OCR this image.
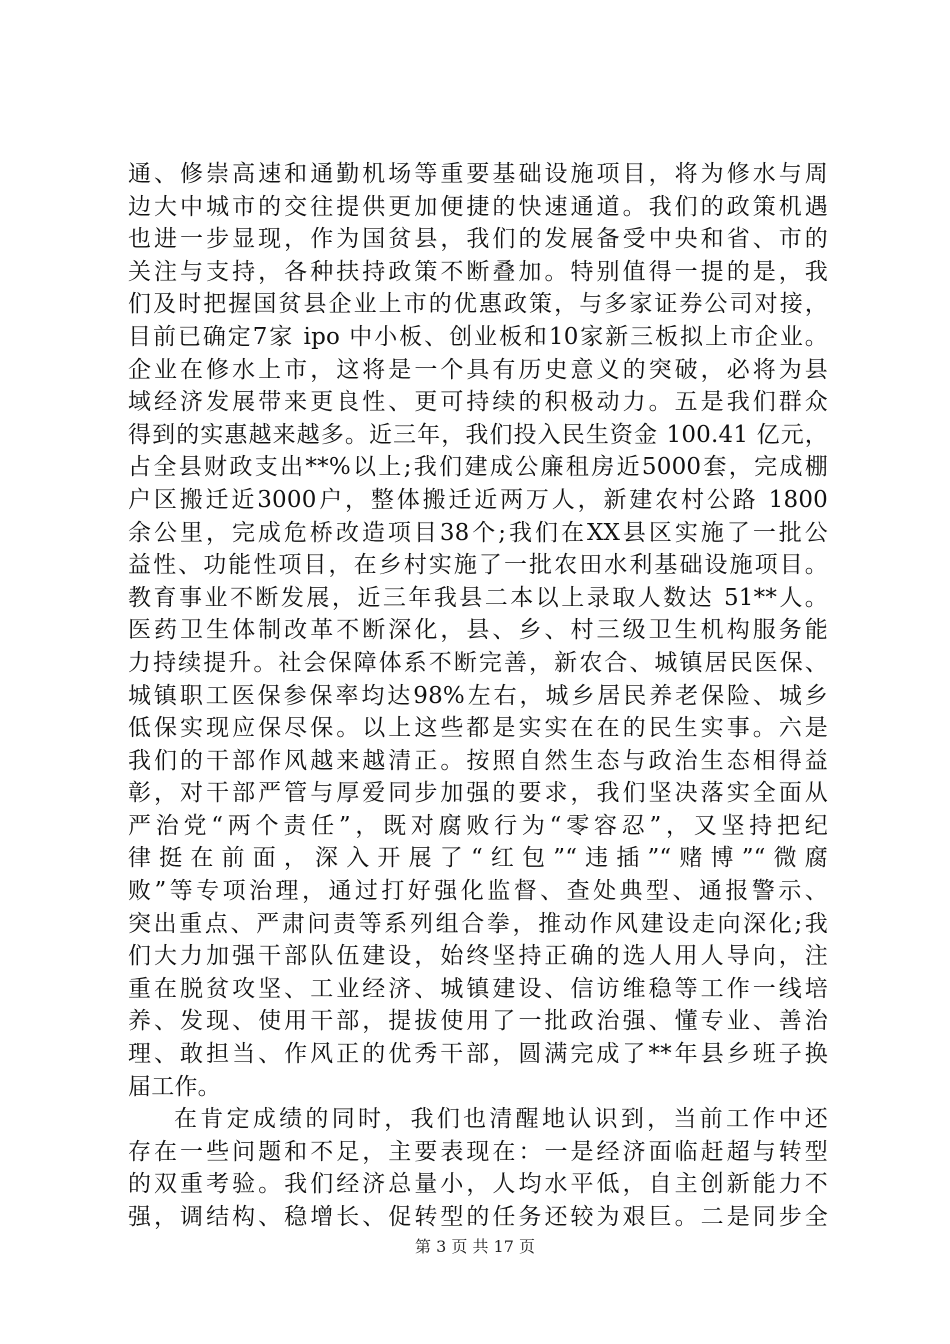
通、修崇高速和通勤机场等重要基础设施项目，将为修水与周
边大中城市的交往提供更加便捷的快速通道。我们的政策机遇
也进一步显现，作为国贫县，我们的发展备受中央和省、市的
关注与支持，各种扶持政策不断叠加。特别值得一提的是，我
们及时把握国贫县企业上市的优惠政策，与多家证券公司对接，
目前已确定7家 ipo 中小板、创业板和10家新三板拟上市企业。
企业在修水上市，这将是一个具有历史意义的突破，必将为县
域经济发展带来更良性、更可持续的积极动力。五是我们群众
得到的实惠越来越多。近三年，我们投入民生资金 100.41 亿元，
占全县财政支出**%以上;我们建成公廉租房近5000套，完成棚
户区搬迁近3000户，整体搬迁近两万人，新建农村公路 1800
余公里，完成危桥改造项目38个;我们在XX县区实施了一批公
益性、功能性项目，在乡村实施了一批农田水利基础设施项目。
教育事业不断发展，近三年我县二本以上录取人数达 51**人。
医药卫生体制改革不断深化，县、乡、村三级卫生机构服务能
力持续提升。社会保障体系不断完善，新农合、城镇居民医保、
城镇职工医保参保率均达98%左右，城乡居民养老保险、城乡
低保实现应保尽保。以上这些都是实实在在的民生实事。六是
我们的干部作风越来越清正。按照自然生态与政治生态相得益
彰，对干部严管与厚爱同步加强的要求，我们坚决落实全面从
严治党“两个责任”，既对腐败行为“零容忍”，又坚持把纪
律挺在前面，深入开展了“红包”“违插”“赌博”“微腐
败”等专项治理，通过打好强化监督、查处典型、通报警示、
突出重点、严肃问责等系列组合拳，推动作风建设走向深化;我
们大力加强干部队伍建设，始终坚持正确的选人用人导向，注
重在脱贫攻坚、工业经济、城镇建设、信访维稳等工作一线培
养、发现、使用干部，提拔使用了一批政治强、懂专业、善治
理、敢担当、作风正的优秀干部，圆满完成了**年县乡班子换
届工作。
在肯定成绩的同时，我们也清醒地认识到，当前工作中还
存在一些问题和不足，主要表现在：一是经济面临赶超与转型
的双重考验。我们经济总量小，人均水平低，自主创新能力不
强，调结构、稳增长、促转型的任务还较为艰巨。二是同步全
第 3 页 共 17 页
